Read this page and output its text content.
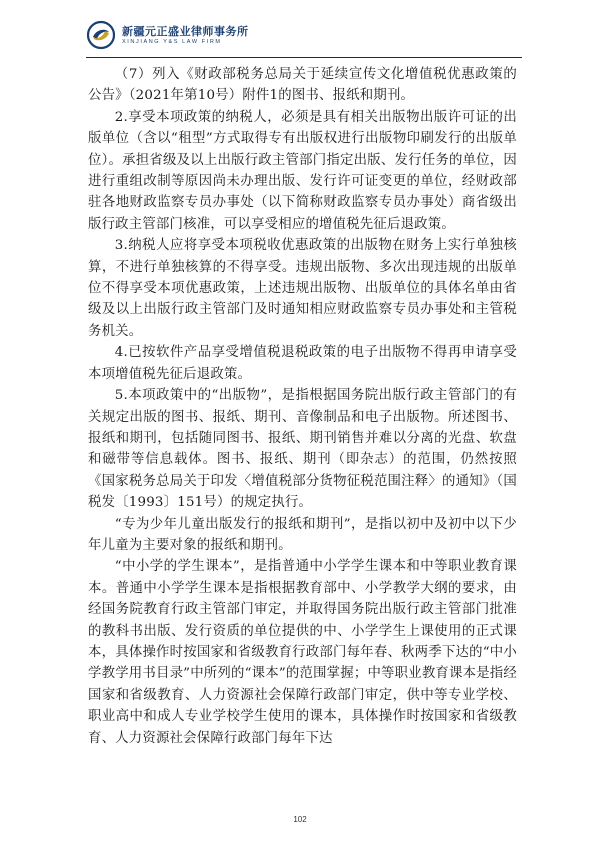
新疆元正盛业律师事务所
XINJIANG Y&S LAW FIRM

（7）列入《财政部税务总局关于延续宣传文化增值税优惠政策的公告》（2021年第10号）附件1的图书、报纸和期刊。

2.享受本项政策的纳税人，必须是具有相关出版物出版许可证的出版单位（含以“租型”方式取得专有出版权进行出版物印刷发行的出版单位）。承担省级及以上出版行政主管部门指定出版、发行任务的单位，因进行重组改制等原因尚未办理出版、发行许可证变更的单位，经财政部驻各地财政监察专员办事处（以下简称财政监察专员办事处）商省级出版行政主管部门核准，可以享受相应的增值税先征后退政策。

3.纳税人应将享受本项税收优惠政策的出版物在财务上实行单独核算，不进行单独核算的不得享受。违规出版物、多次出现违规的出版单位不得享受本项优惠政策，上述违规出版物、出版单位的具体名单由省级及以上出版行政主管部门及时通知相应财政监察专员办事处和主管税务机关。

4.已按软件产品享受增值税退税政策的电子出版物不得再申请享受本项增值税先征后退政策。

5.本项政策中的“出版物”，是指根据国务院出版行政主管部门的有关规定出版的图书、报纸、期刊、音像制品和电子出版物。所述图书、报纸和期刊，包括随同图书、报纸、期刊销售并难以分离的光盘、软盘和磁带等信息载体。图书、报纸、期刊（即杂志）的范围，仍然按照《国家税务总局关于印发〈增值税部分货物征税范围注释〉的通知》（国税发〔1993〕151号）的规定执行。

“专为少年儿童出版发行的报纸和期刊”，是指以初中及初中以下少年儿童为主要对象的报纸和期刊。

“中小学的学生课本”，是指普通中小学学生课本和中等职业教育课本。普通中小学学生课本是指根据教育部中、小学教学大纲的要求，由经国务院教育行政主管部门审定，并取得国务院出版行政主管部门批准的教科书出版、发行资质的单位提供的中、小学学生上课使用的正式课本，具体操作时按国家和省级教育行政部门每年春、秋两季下达的“中小学教学用书目录”中所列的“课本”的范围掌握；中等职业教育课本是指经国家和省级教育、人力资源社会保障行政部门审定，供中等专业学校、职业高中和成人专业学校学生使用的课本，具体操作时按国家和省级教育、人力资源社会保障行政部门每年下达

102
